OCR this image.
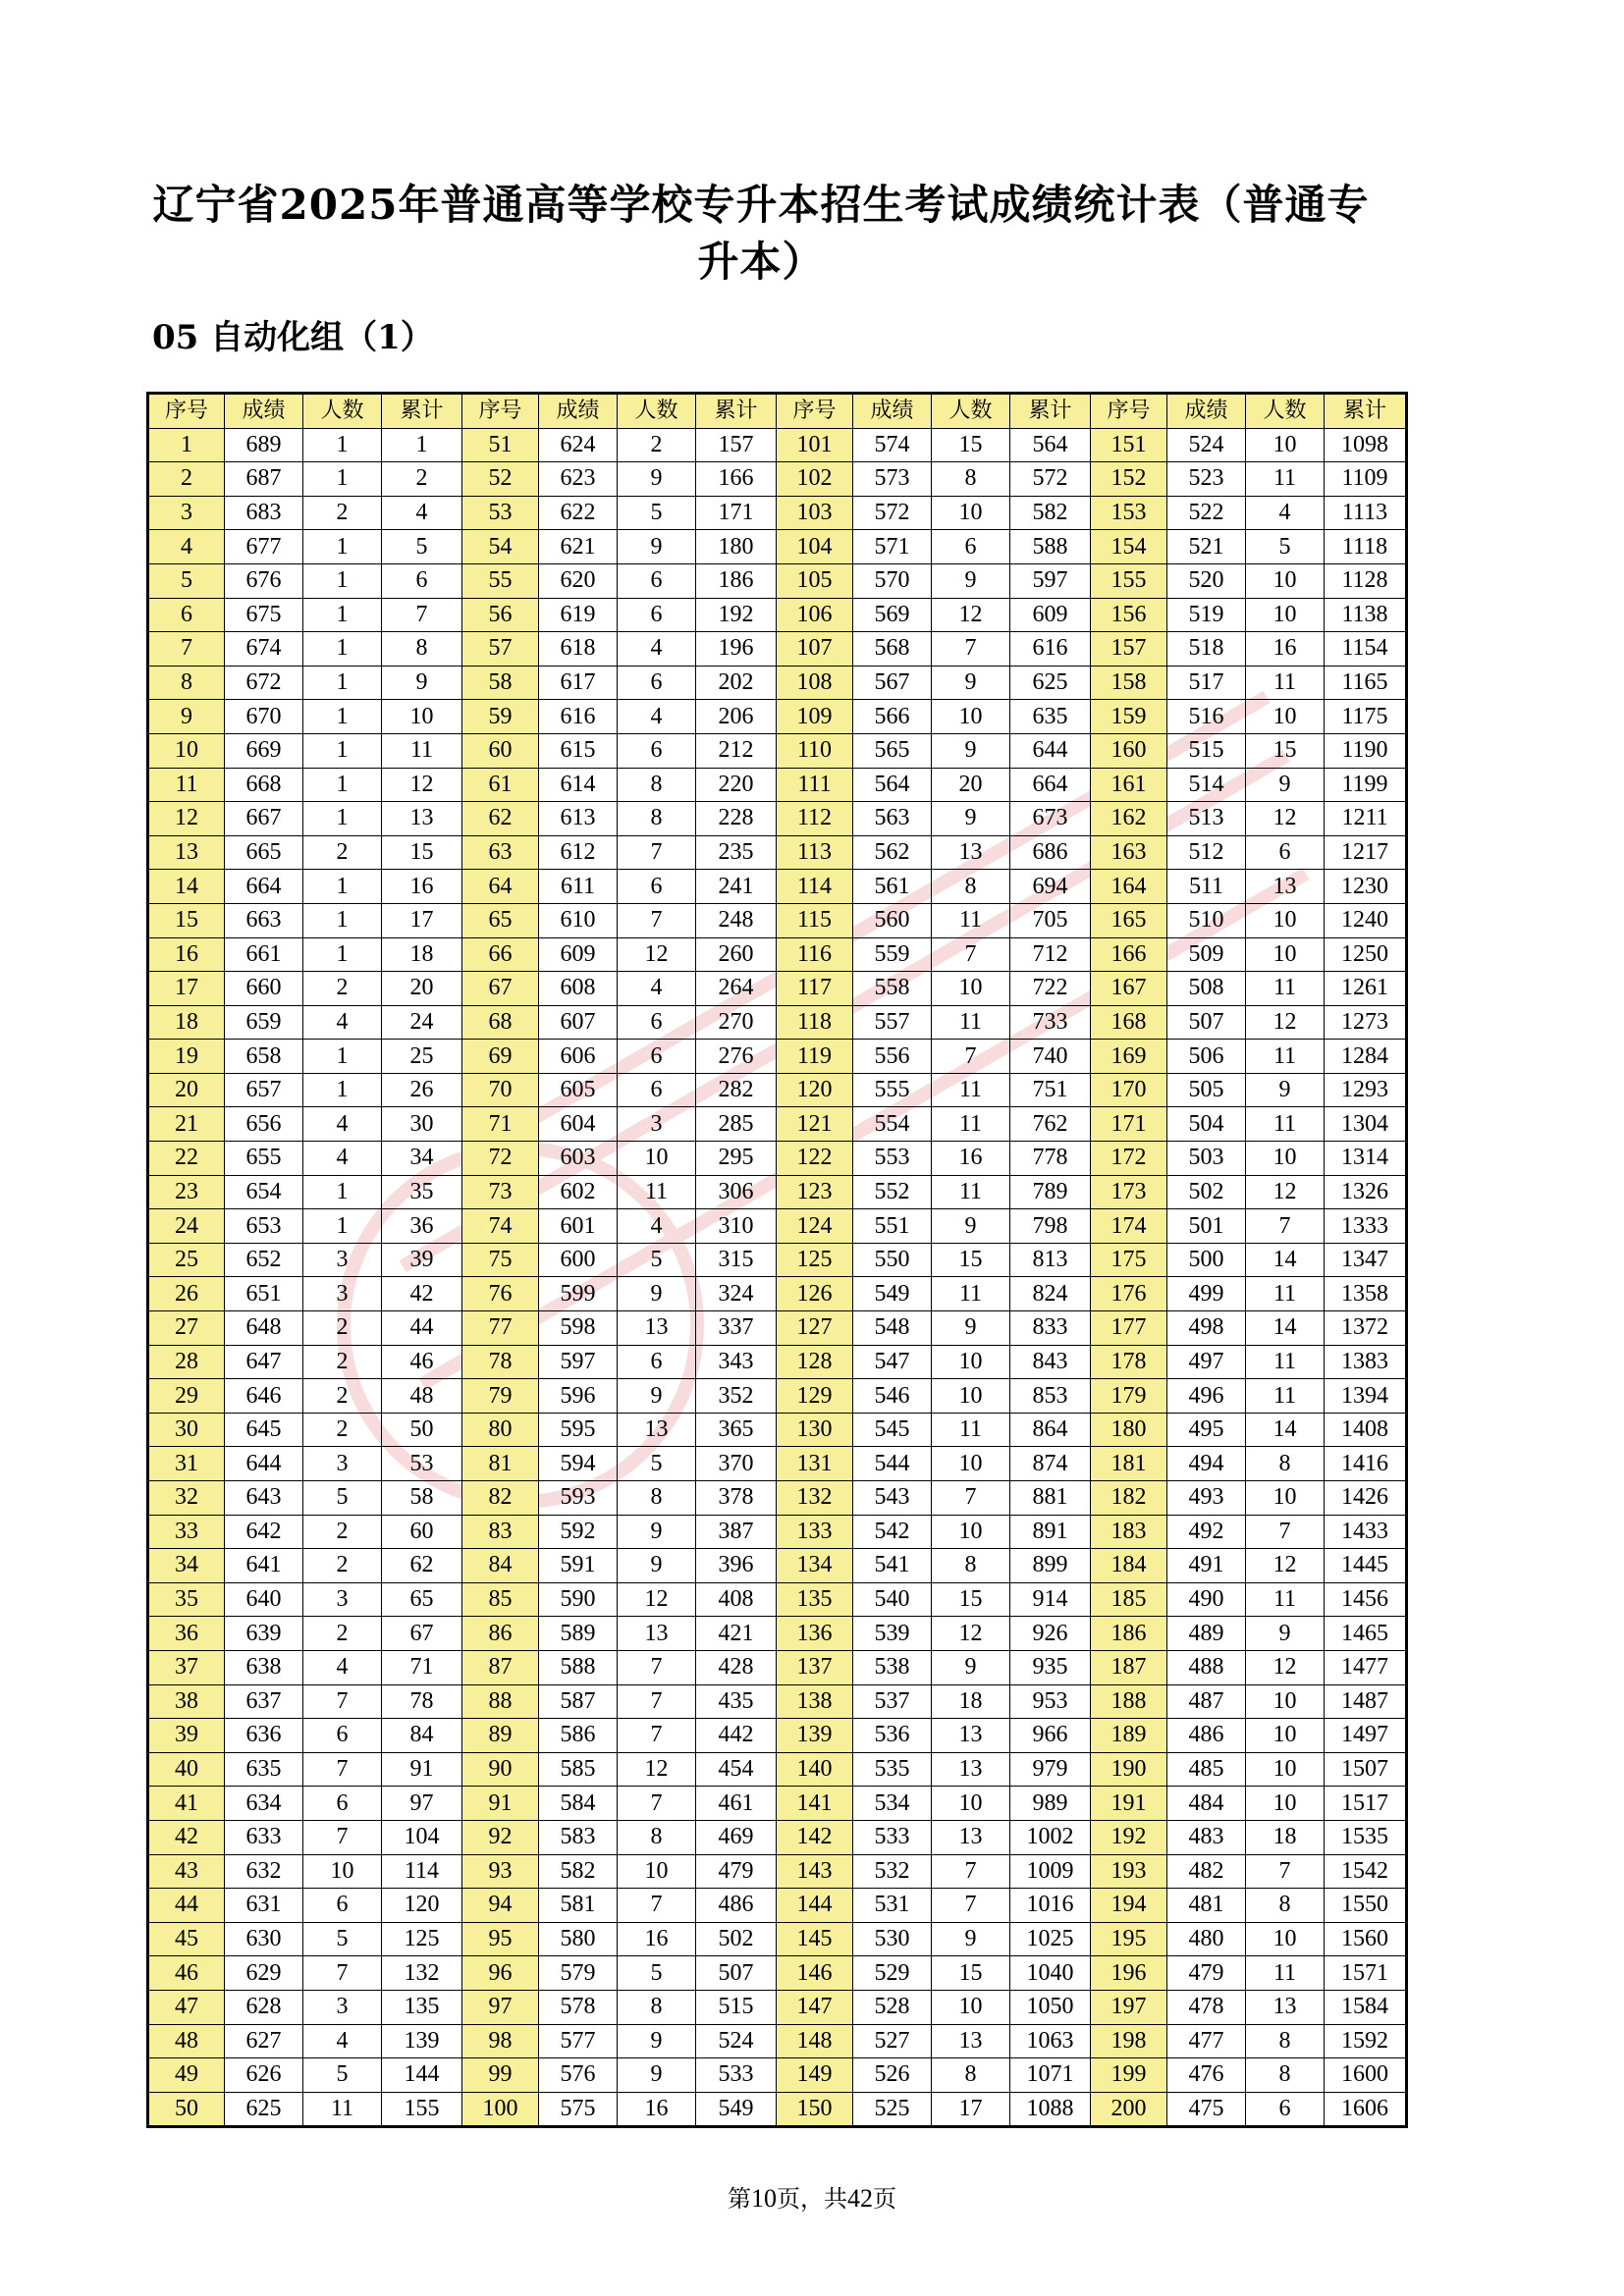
辽宁省2025年普通高等学校专升本招生考试成绩统计表（普通专升本）
05 自动化组（1）
序号	成绩	人数	累计	序号	成绩	人数	累计	序号	成绩	人数	累计	序号	成绩	人数	累计
1	689	1	1	51	624	2	157	101	574	15	564	151	524	10	1098
2	687	1	2	52	623	9	166	102	573	8	572	152	523	11	1109
3	683	2	4	53	622	5	171	103	572	10	582	153	522	4	1113
4	677	1	5	54	621	9	180	104	571	6	588	154	521	5	1118
5	676	1	6	55	620	6	186	105	570	9	597	155	520	10	1128
6	675	1	7	56	619	6	192	106	569	12	609	156	519	10	1138
7	674	1	8	57	618	4	196	107	568	7	616	157	518	16	1154
8	672	1	9	58	617	6	202	108	567	9	625	158	517	11	1165
9	670	1	10	59	616	4	206	109	566	10	635	159	516	10	1175
10	669	1	11	60	615	6	212	110	565	9	644	160	515	15	1190
11	668	1	12	61	614	8	220	111	564	20	664	161	514	9	1199
12	667	1	13	62	613	8	228	112	563	9	673	162	513	12	1211
13	665	2	15	63	612	7	235	113	562	13	686	163	512	6	1217
14	664	1	16	64	611	6	241	114	561	8	694	164	511	13	1230
15	663	1	17	65	610	7	248	115	560	11	705	165	510	10	1240
16	661	1	18	66	609	12	260	116	559	7	712	166	509	10	1250
17	660	2	20	67	608	4	264	117	558	10	722	167	508	11	1261
18	659	4	24	68	607	6	270	118	557	11	733	168	507	12	1273
19	658	1	25	69	606	6	276	119	556	7	740	169	506	11	1284
20	657	1	26	70	605	6	282	120	555	11	751	170	505	9	1293
21	656	4	30	71	604	3	285	121	554	11	762	171	504	11	1304
22	655	4	34	72	603	10	295	122	553	16	778	172	503	10	1314
23	654	1	35	73	602	11	306	123	552	11	789	173	502	12	1326
24	653	1	36	74	601	4	310	124	551	9	798	174	501	7	1333
25	652	3	39	75	600	5	315	125	550	15	813	175	500	14	1347
26	651	3	42	76	599	9	324	126	549	11	824	176	499	11	1358
27	648	2	44	77	598	13	337	127	548	9	833	177	498	14	1372
28	647	2	46	78	597	6	343	128	547	10	843	178	497	11	1383
29	646	2	48	79	596	9	352	129	546	10	853	179	496	11	1394
30	645	2	50	80	595	13	365	130	545	11	864	180	495	14	1408
31	644	3	53	81	594	5	370	131	544	10	874	181	494	8	1416
32	643	5	58	82	593	8	378	132	543	7	881	182	493	10	1426
33	642	2	60	83	592	9	387	133	542	10	891	183	492	7	1433
34	641	2	62	84	591	9	396	134	541	8	899	184	491	12	1445
35	640	3	65	85	590	12	408	135	540	15	914	185	490	11	1456
36	639	2	67	86	589	13	421	136	539	12	926	186	489	9	1465
37	638	4	71	87	588	7	428	137	538	9	935	187	488	12	1477
38	637	7	78	88	587	7	435	138	537	18	953	188	487	10	1487
39	636	6	84	89	586	7	442	139	536	13	966	189	486	10	1497
40	635	7	91	90	585	12	454	140	535	13	979	190	485	10	1507
41	634	6	97	91	584	7	461	141	534	10	989	191	484	10	1517
42	633	7	104	92	583	8	469	142	533	13	1002	192	483	18	1535
43	632	10	114	93	582	10	479	143	532	7	1009	193	482	7	1542
44	631	6	120	94	581	7	486	144	531	7	1016	194	481	8	1550
45	630	5	125	95	580	16	502	145	530	9	1025	195	480	10	1560
46	629	7	132	96	579	5	507	146	529	15	1040	196	479	11	1571
47	628	3	135	97	578	8	515	147	528	10	1050	197	478	13	1584
48	627	4	139	98	577	9	524	148	527	13	1063	198	477	8	1592
49	626	5	144	99	576	9	533	149	526	8	1071	199	476	8	1600
50	625	11	155	100	575	16	549	150	525	17	1088	200	475	6	1606
第10页，共42页
